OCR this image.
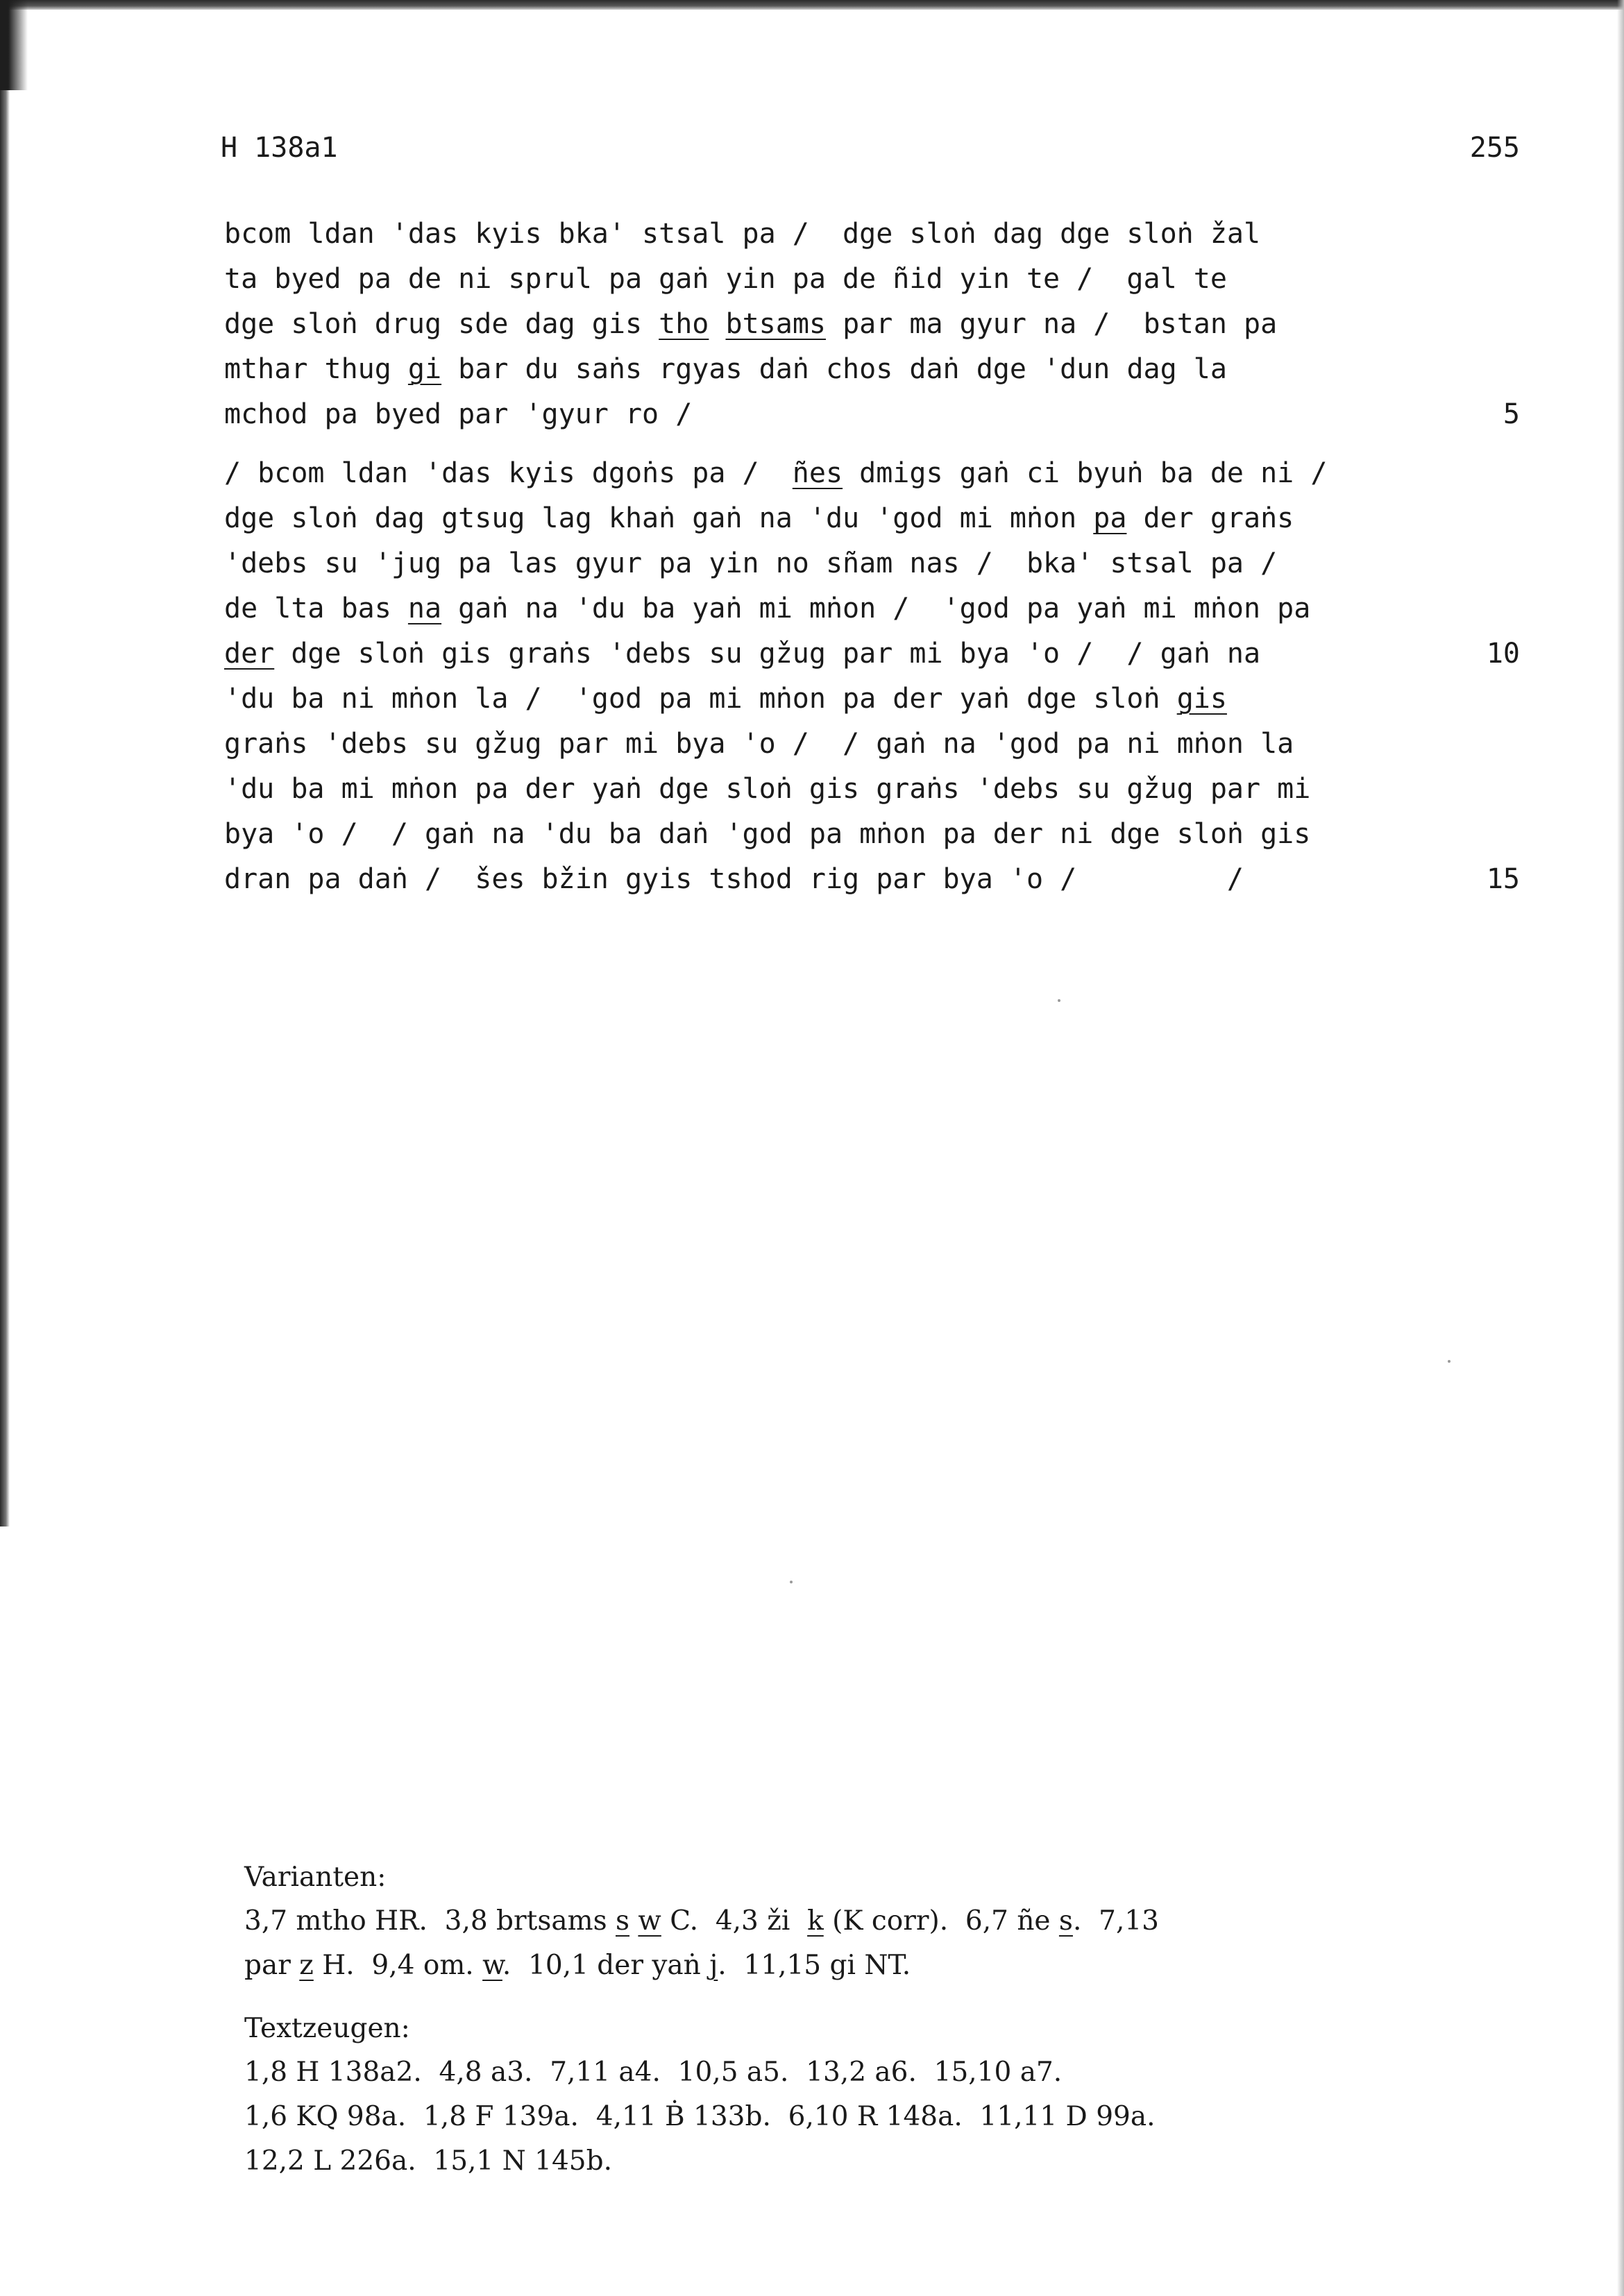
H 138a1	255
bcom ldan 'das kyis bka' stsal pa /  dge sloṅ dag dge sloṅ žal
ta byed pa de ni sprul pa gaṅ yin pa de ñid yin te /  gal te
dge sloṅ drug sde dag gis tho btsams par ma gyur na /  bstan pa
mthar thug gi bar du saṅs rgyas daṅ chos daṅ dge 'dun dag la
mchod pa byed par 'gyur ro /	5
/ bcom ldan 'das kyis dgoṅs pa /  ñes dmigs gaṅ ci byuṅ ba de ni /
dge sloṅ dag gtsug lag khaṅ gaṅ na 'du 'god mi mṅon pa der graṅs
'debs su 'jug pa las gyur pa yin no sñam nas /  bka' stsal pa /
de lta bas na gaṅ na 'du ba yaṅ mi mṅon /  'god pa yaṅ mi mṅon pa
der dge sloṅ gis graṅs 'debs su gžug par mi bya 'o /  / gaṅ na	10
'du ba ni mṅon la /  'god pa mi mṅon pa der yaṅ dge sloṅ gis
graṅs 'debs su gžug par mi bya 'o /  / gaṅ na 'god pa ni mṅon la
'du ba mi mṅon pa der yaṅ dge sloṅ gis graṅs 'debs su gžug par mi
bya 'o /  / gaṅ na 'du ba daṅ 'god pa mṅon pa der ni dge sloṅ gis
dran pa daṅ /  šes bžin gyis tshod rig par bya 'o /         /	15
Varianten:
3,7 mtho HR.  3,8 brtsams s w C.  4,3 ži  k (K corr).  6,7 ñe s.  7,13
par z H.  9,4 om. w.  10,1 der yaṅ j.  11,15 gi NT.
Textzeugen:
1,8 H 138a2.  4,8 a3.  7,11 a4.  10,5 a5.  13,2 a6.  15,10 a7.
1,6 KQ 98a.  1,8 F 139a.  4,11 Ḃ 133b.  6,10 R 148a.  11,11 D 99a.
12,2 L 226a.  15,1 N 145b.
